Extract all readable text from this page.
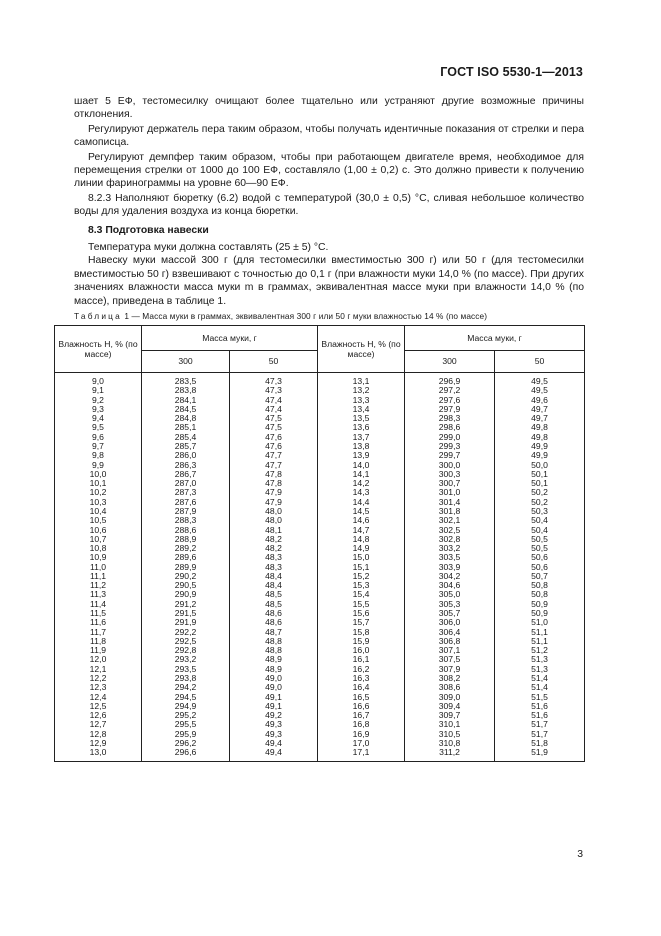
ГОСТ ISO 5530-1—2013

шает 5 ЕФ, тестомесилку очищают более тщательно или устраняют другие возможные причины отклонения.

Регулируют держатель пера таким образом, чтобы получать идентичные показания от стрелки и пера самописца.

Регулируют демпфер таким образом, чтобы при работающем двигателе время, необходимое для перемещения стрелки от 1000 до 100 ЕФ, составляло (1,00 ± 0,2) с. Это должно привести к получению линии фаринограммы на уровне 60—90 ЕФ.

8.2.3 Наполняют бюретку (6.2) водой с температурой (30,0 ± 0,5) °С, сливая небольшое количество воды для удаления воздуха из конца бюретки.

8.3 Подготовка навески

Температура муки должна составлять (25 ± 5) °С.

Навеску муки массой 300 г (для тестомесилки вместимостью 300 г) или 50 г (для тестомесилки вместимостью 50 г) взвешивают с точностью до 0,1 г (при влажности муки 14,0 % (по массе). При других значениях влажности масса муки m в граммах, эквивалентная массе муки при влажности 14,0 % (по массе), приведена в таблице 1.

Таблица 1 — Масса муки в граммах, эквивалентная 300 г или 50 г муки влажностью 14 % (по массе)
Влажность Н, % (по массе)	Масса муки, г		Влажность Н, % (по массе)	Масса муки, г	
	300	50		300	50
9,0	283,5	47,3	13,1	296,9	49,5
9,1	283,8	47,3	13,2	297,2	49,5
9,2	284,1	47,4	13,3	297,6	49,6
9,3	284,5	47,4	13,4	297,9	49,7
9,4	284,8	47,5	13,5	298,3	49,7
9,5	285,1	47,5	13,6	298,6	49,8
9,6	285,4	47,6	13,7	299,0	49,8
9,7	285,7	47,6	13,8	299,3	49,9
9,8	286,0	47,7	13,9	299,7	49,9
9,9	286,3	47,7	14,0	300,0	50,0
10,0	286,7	47,8	14,1	300,3	50,1
10,1	287,0	47,8	14,2	300,7	50,1
10,2	287,3	47,9	14,3	301,0	50,2
10,3	287,6	47,9	14,4	301,4	50,2
10,4	287,9	48,0	14,5	301,8	50,3
10,5	288,3	48,0	14,6	302,1	50,4
10,6	288,6	48,1	14,7	302,5	50,4
10,7	288,9	48,2	14,8	302,8	50,5
10,8	289,2	48,2	14,9	303,2	50,5
10,9	289,6	48,3	15,0	303,5	50,6
11,0	289,9	48,3	15,1	303,9	50,6
11,1	290,2	48,4	15,2	304,2	50,7
11,2	290,5	48,4	15,3	304,6	50,8
11,3	290,9	48,5	15,4	305,0	50,8
11,4	291,2	48,5	15,5	305,3	50,9
11,5	291,5	48,6	15,6	305,7	50,9
11,6	291,9	48,6	15,7	306,0	51,0
11,7	292,2	48,7	15,8	306,4	51,1
11,8	292,5	48,8	15,9	306,8	51,1
11,9	292,8	48,8	16,0	307,1	51,2
12,0	293,2	48,9	16,1	307,5	51,3
12,1	293,5	48,9	16,2	307,9	51,3
12,2	293,8	49,0	16,3	308,2	51,4
12,3	294,2	49,0	16,4	308,6	51,4
12,4	294,5	49,1	16,5	309,0	51,5
12,5	294,9	49,1	16,6	309,4	51,6
12,6	295,2	49,2	16,7	309,7	51,6
12,7	295,5	49,3	16,8	310,1	51,7
12,8	295,9	49,3	16,9	310,5	51,7
12,9	296,2	49,4	17,0	310,8	51,8
13,0	296,6	49,4	17,1	311,2	51,9
3
